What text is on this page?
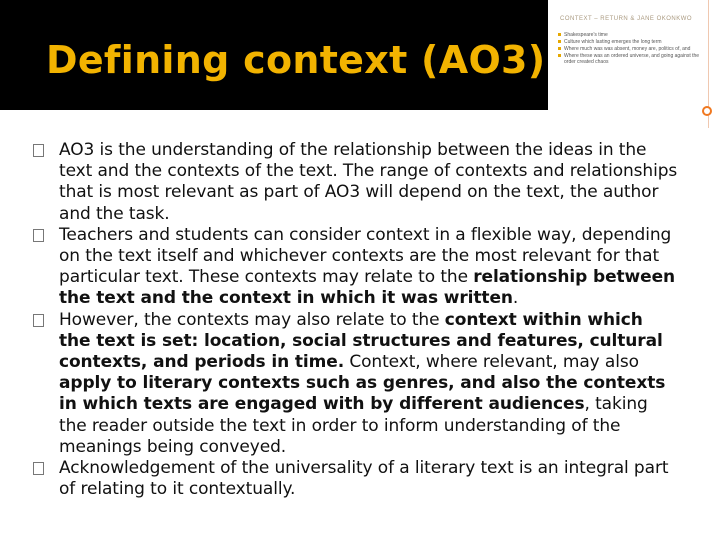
Defining context (AO3)
CONTEXT – RETURN & JANE OKONKWO
Shakespeare's time
Culture which lasting emerges the long term
Where much was was absent, money are, politics of, and
Where these was an ordered universe, and going against the order created chaos
AO3 is the understanding of the relationship between the ideas in the text and the contexts of the text. The range of contexts and relationships that is most relevant as part of AO3 will depend on the text, the author and the task.
Teachers and students can consider context in a flexible way, depending on the text itself and whichever contexts are the most relevant for that particular text. These contexts may relate to the relationship between the text and the context in which it was written.
However, the contexts may also relate to the context within which the text is set: location, social structures and features, cultural contexts, and periods in time. Context, where relevant, may also apply to literary contexts such as genres, and also the contexts in which texts are engaged with by different audiences, taking the reader outside the text in order to inform understanding of the meanings being conveyed.
Acknowledgement of the universality of a literary text is an integral part of relating to it contextually.
